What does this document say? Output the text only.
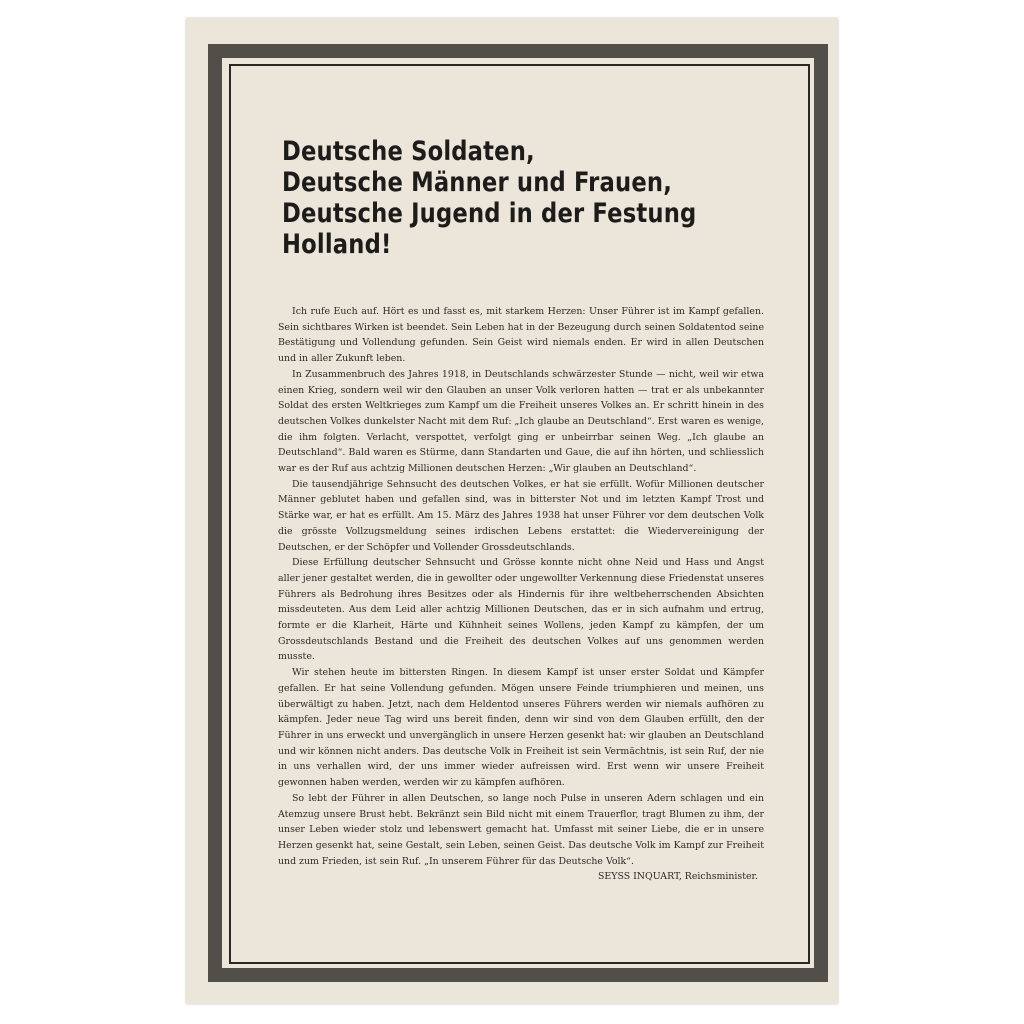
Deutsche Soldaten,
Deutsche Männer und Frauen,
Deutsche Jugend in der Festung Holland!

Ich rufe Euch auf. Hört es und fasst es, mit starkem Herzen: Unser Führer ist im Kampf gefallen. Sein sichtbares Wirken ist beendet. Sein Leben hat in der Bezeugung durch seinen Soldatentod seine Bestätigung und Vollendung gefunden. Sein Geist wird niemals enden. Er wird in allen Deutschen und in aller Zukunft leben.

In Zusammenbruch des Jahres 1918, in Deutschlands schwärzester Stunde — nicht, weil wir etwa einen Krieg, sondern weil wir den Glauben an unser Volk verloren hatten — trat er als unbekannter Soldat des ersten Weltkrieges zum Kampf um die Freiheit unseres Volkes an. Er schritt hinein in des deutschen Volkes dunkelster Nacht mit dem Ruf: „Ich glaube an Deutschland“. Erst waren es wenige, die ihm folgten. Verlacht, verspottet, verfolgt ging er unbeirrbar seinen Weg. „Ich glaube an Deutschland“. Bald waren es Stürme, dann Standarten und Gaue, die auf ihn hörten, und schliesslich war es der Ruf aus achtzig Millionen deutschen Herzen: „Wir glauben an Deutschland“.

Die tausendjährige Sehnsucht des deutschen Volkes, er hat sie erfüllt. Wofür Millionen deutscher Männer geblutet haben und gefallen sind, was in bitterster Not und im letzten Kampf Trost und Stärke war, er hat es erfüllt. Am 15. März des Jahres 1938 hat unser Führer vor dem deutschen Volk die grösste Vollzugsmeldung seines irdischen Lebens erstattet: die Wiedervereinigung der Deutschen, er der Schöpfer und Vollender Grossdeutschlands.

Diese Erfüllung deutscher Sehnsucht und Grösse konnte nicht ohne Neid und Hass und Angst aller jener gestaltet werden, die in gewollter oder ungewollter Verkennung diese Friedenstat unseres Führers als Bedrohung ihres Besitzes oder als Hindernis für ihre weltbeherrschenden Absichten missdeuteten. Aus dem Leid aller achtzig Millionen Deutschen, das er in sich aufnahm und ertrug, formte er die Klarheit, Härte und Kühnheit seines Wollens, jeden Kampf zu kämpfen, der um Grossdeutschlands Bestand und die Freiheit des deutschen Volkes auf uns genommen werden musste.

Wir stehen heute im bittersten Ringen. In diesem Kampf ist unser erster Soldat und Kämpfer gefallen. Er hat seine Vollendung gefunden. Mögen unsere Feinde triumphieren und meinen, uns überwältigt zu haben. Jetzt, nach dem Heldentod unseres Führers werden wir niemals aufhören zu kämpfen. Jeder neue Tag wird uns bereit finden, denn wir sind von dem Glauben erfüllt, den der Führer in uns erweckt und unvergänglich in unsere Herzen gesenkt hat: wir glauben an Deutschland und wir können nicht anders. Das deutsche Volk in Freiheit ist sein Vermächtnis, ist sein Ruf, der nie in uns verhallen wird, der uns immer wieder aufreissen wird. Erst wenn wir unsere Freiheit gewonnen haben werden, werden wir zu kämpfen aufhören.

So lebt der Führer in allen Deutschen, so lange noch Pulse in unseren Adern schlagen und ein Atemzug unsere Brust hebt. Bekränzt sein Bild nicht mit einem Trauerflor, tragt Blumen zu ihm, der unser Leben wieder stolz und lebenswert gemacht hat. Umfasst mit seiner Liebe, die er in unsere Herzen gesenkt hat, seine Gestalt, sein Leben, seinen Geist. Das deutsche Volk im Kampf zur Freiheit und zum Frieden, ist sein Ruf. „In unserem Führer für das Deutsche Volk“.

SEYSS INQUART, Reichsminister.
